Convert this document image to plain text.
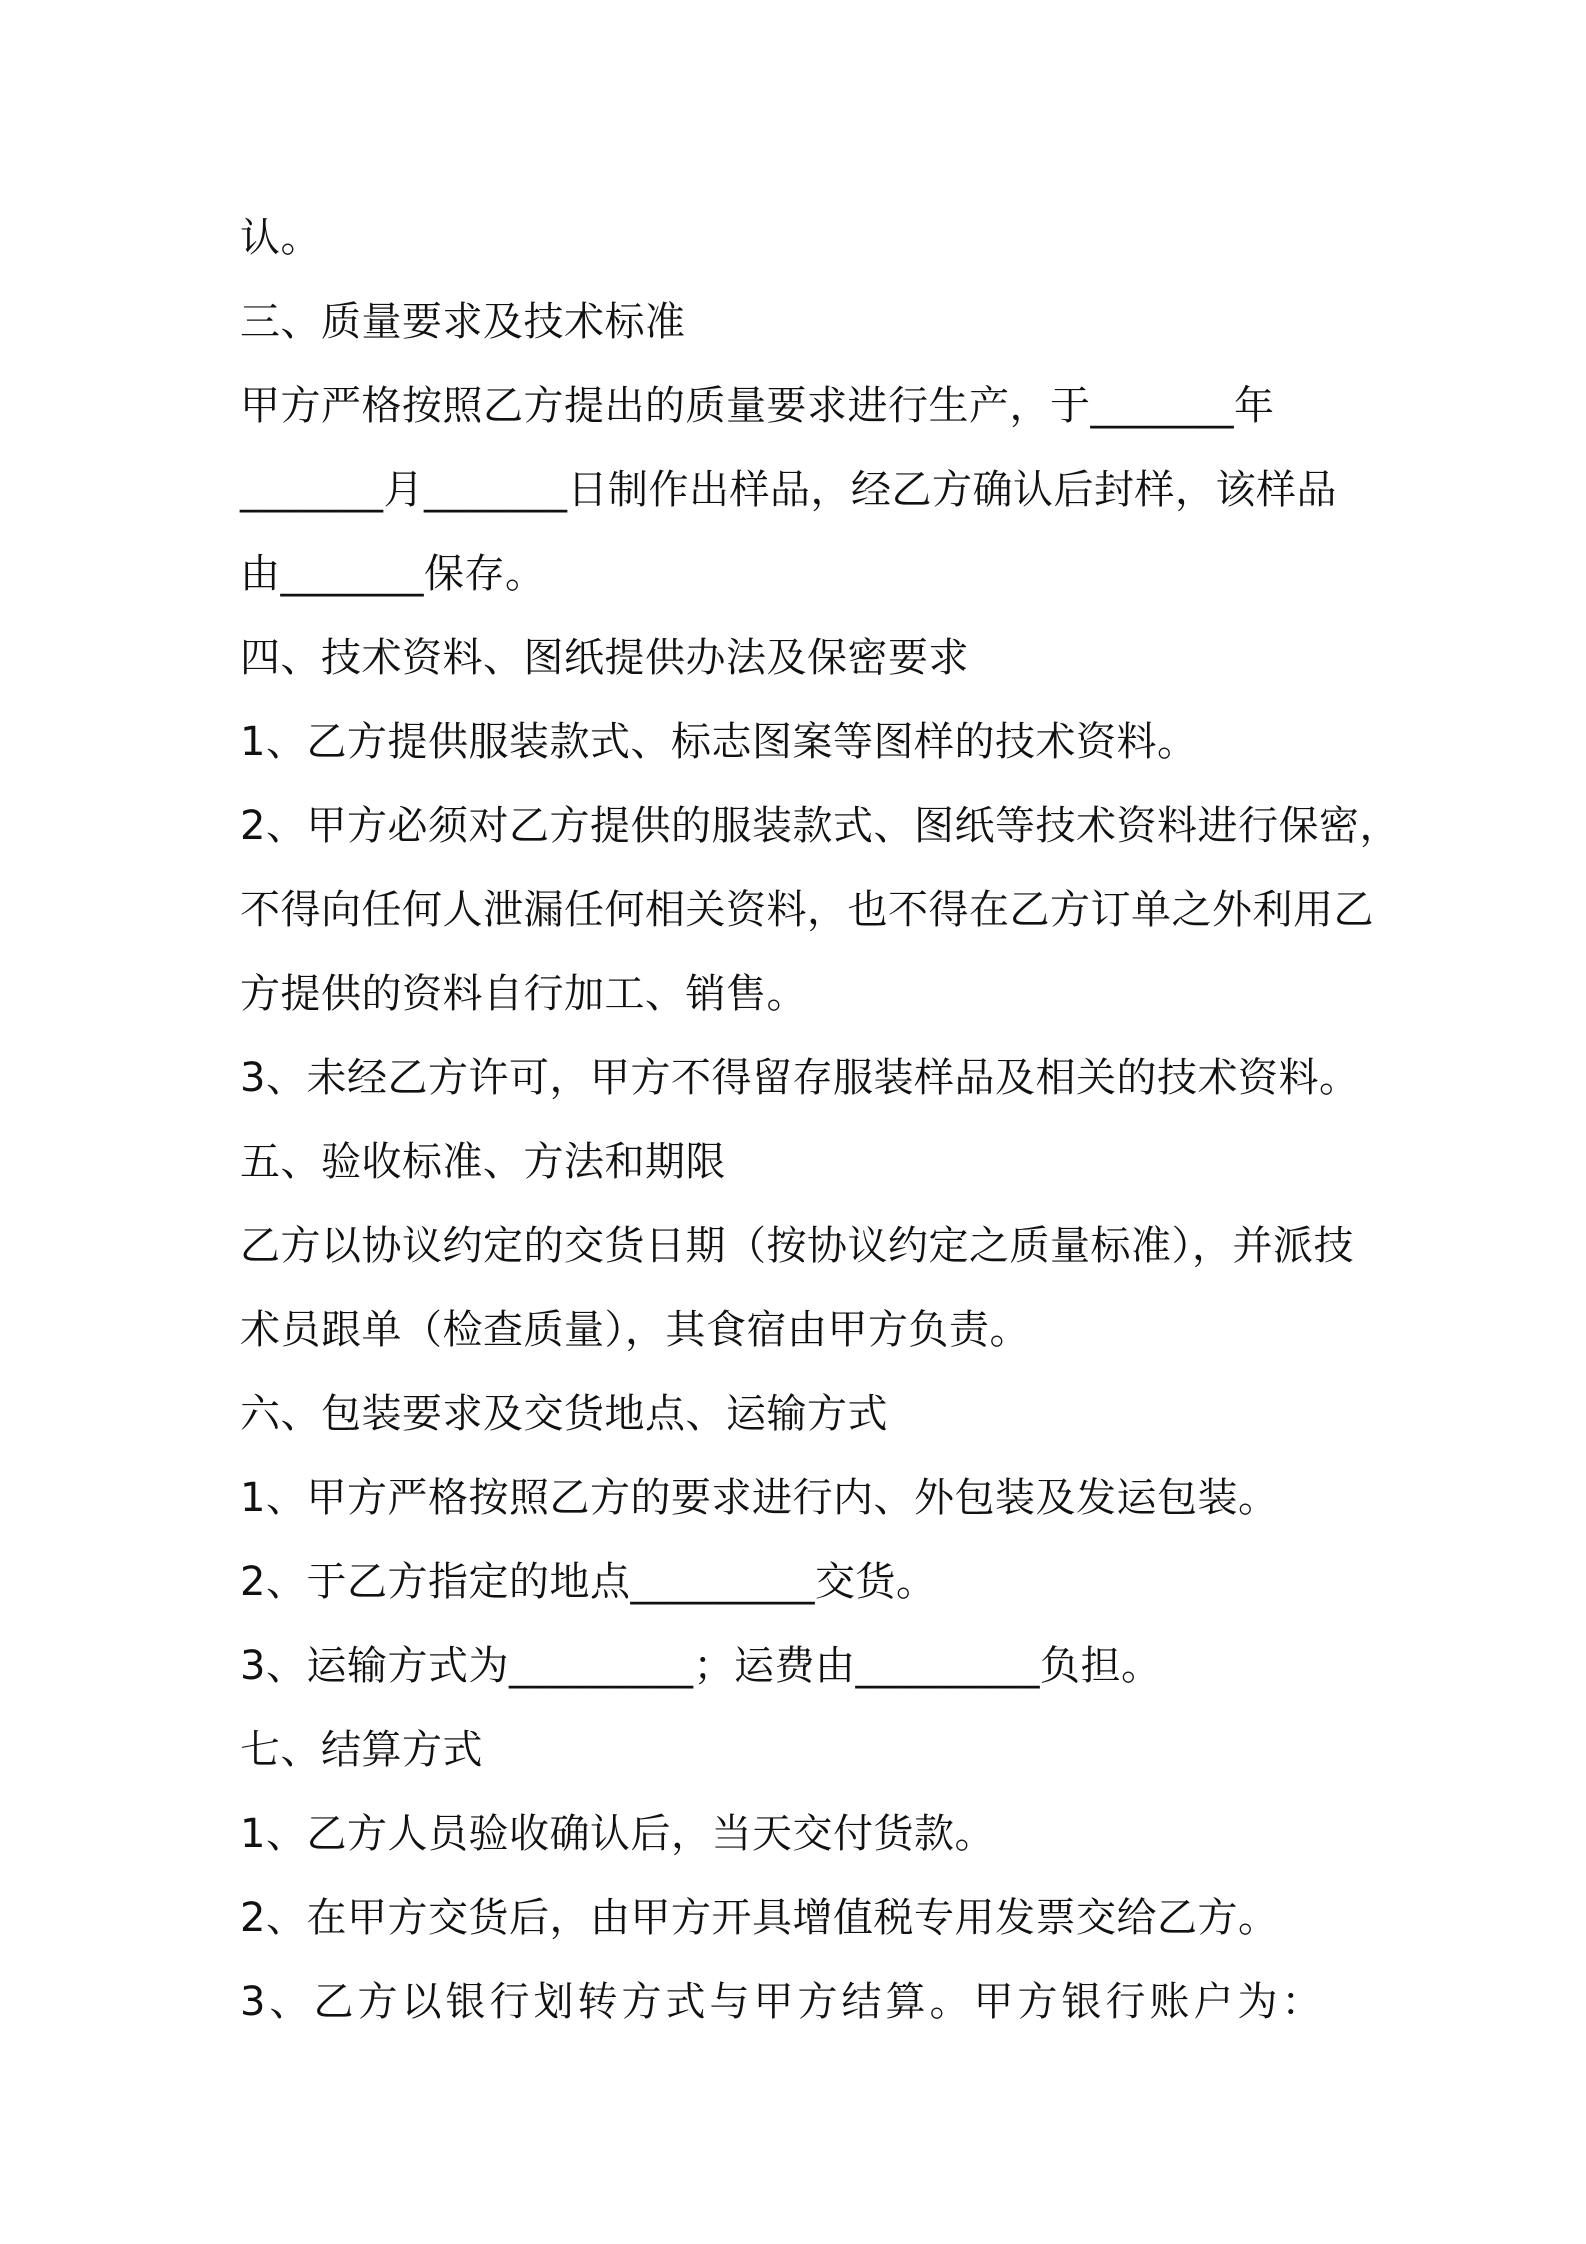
认。
三、质量要求及技术标准
甲方严格按照乙方提出的质量要求进行生产，于_______年
_______月_______日制作出样品，经乙方确认后封样，该样品
由_______保存。
四、技术资料、图纸提供办法及保密要求
1、乙方提供服装款式、标志图案等图样的技术资料。
2、甲方必须对乙方提供的服装款式、图纸等技术资料进行保密，
不得向任何人泄漏任何相关资料，也不得在乙方订单之外利用乙
方提供的资料自行加工、销售。
3、未经乙方许可，甲方不得留存服装样品及相关的技术资料。
五、验收标准、方法和期限
乙方以协议约定的交货日期（按协议约定之质量标准），并派技
术员跟单（检查质量），其食宿由甲方负责。
六、包装要求及交货地点、运输方式
1、甲方严格按照乙方的要求进行内、外包装及发运包装。
2、于乙方指定的地点_________交货。
3、运输方式为_________；运费由_________负担。
七、结算方式
1、乙方人员验收确认后，当天交付货款。
2、在甲方交货后，由甲方开具增值税专用发票交给乙方。
3、乙方以银行划转方式与甲方结算。甲方银行账户为：
